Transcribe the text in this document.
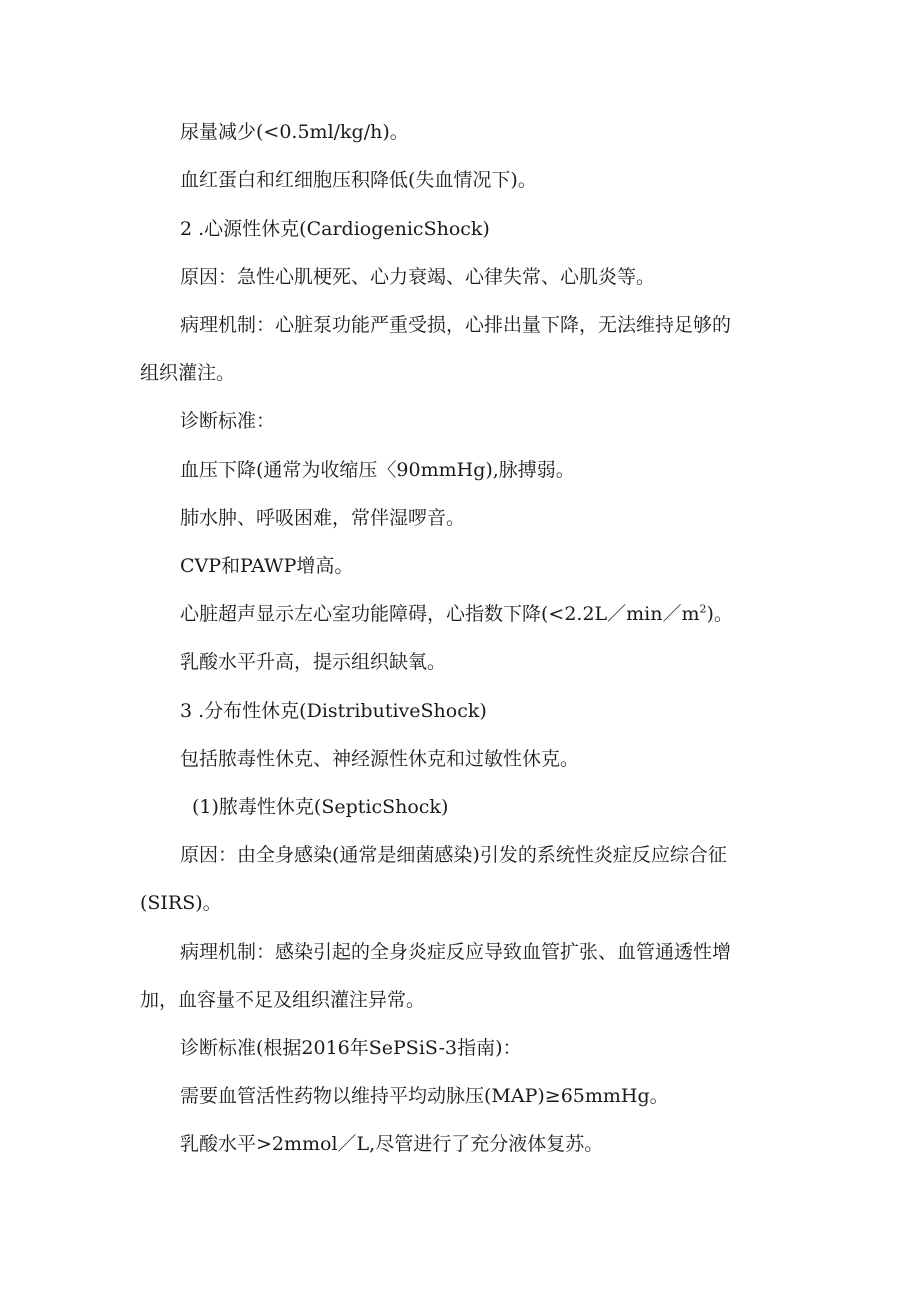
尿量减少(<0.5ml/kg/h)。
血红蛋白和红细胞压积降低(失血情况下)。
2 .心源性休克(CardiogenicShock)
原因：急性心肌梗死、心力衰竭、心律失常、心肌炎等。
病理机制：心脏泵功能严重受损，心排出量下降，无法维持足够的
组织灌注。
诊断标准：
血压下降(通常为收缩压〈90mmHg),脉搏弱。
肺水肿、呼吸困难，常伴湿啰音。
CVP和PAWP增高。
心脏超声显示左心室功能障碍，心指数下降$(<2.2L/\min/m^2)$。
乳酸水平升高，提示组织缺氧。
3 .分布性休克(DistributiveShock)
包括脓毒性休克、神经源性休克和过敏性休克。
(1)脓毒性休克(SepticShock)
原因：由全身感染(通常是细菌感染)引发的系统性炎症反应综合征
(SIRS)。
病理机制：感染引起的全身炎症反应导致血管扩张、血管通透性增
加，血容量不足及组织灌注异常。
诊断标准(根据2016年SePSiS-3指南)：
需要血管活性药物以维持平均动脉压(MAP)≥65mmHg。
乳酸水平>2mmol／L,尽管进行了充分液体复苏。
